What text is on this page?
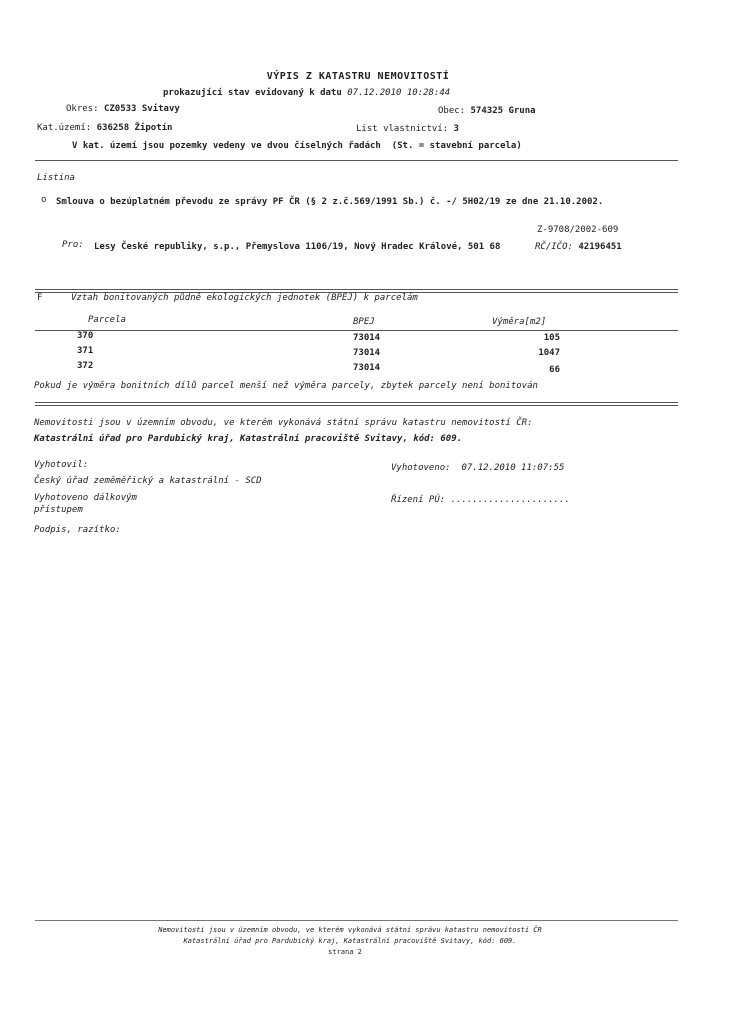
VÝPIS Z KATASTRU NEMOVITOSTÍ
prokazující stav evidovaný k datu 07.12.2010 10:28:44
Okres: CZ0533 Svitavy	Obec: 574325 Gruna
Kat.území: 636258 Žipotín	List vlastnictví: 3
V kat. území jsou pozemky vedeny ve dvou číselných řadách (St. = stavební parcela)
Listina
o Smlouva o bezúplatném převodu ze správy PF ČR (§ 2 z.č.569/1991 Sb.) č. -/ 5H02/19 ze dne 21.10.2002.
Z-9708/2002-609
Pro: Lesy České republiky, s.p., Přemyslova 1106/19, Nový Hradec Králové, 501 68	RČ/IČO: 42196451
F	Vztah bonitovaných půdně ekologických jednotek (BPEJ) k parcelám
Parcela	BPEJ	Výměra[m2]
370	73014	105
371	73014	1047
372	73014	66
Pokud je výměra bonitních dílů parcel menší než výměra parcely, zbytek parcely není bonitován
Nemovitosti jsou v územním obvodu, ve kterém vykonává státní správu katastru nemovitostí ČR:
Katastrální úřad pro Pardubický kraj, Katastrální pracoviště Svitavy, kód: 609.
Vyhotovil:
Český úřad zeměměřický a katastrální - SCD
Vyhotoveno dálkovým přístupem
Vyhotoveno: 07.12.2010 11:07:55
Řízení PÚ: ......................
Podpis, razítko:
Nemovitosti jsou v územním obvodu, ve kterém vykonává státní správu katastru nemovitostí ČR
Katastrální úřad pro Pardubický kraj, Katastrální pracoviště Svitavy, kód: 609.
strana 2
